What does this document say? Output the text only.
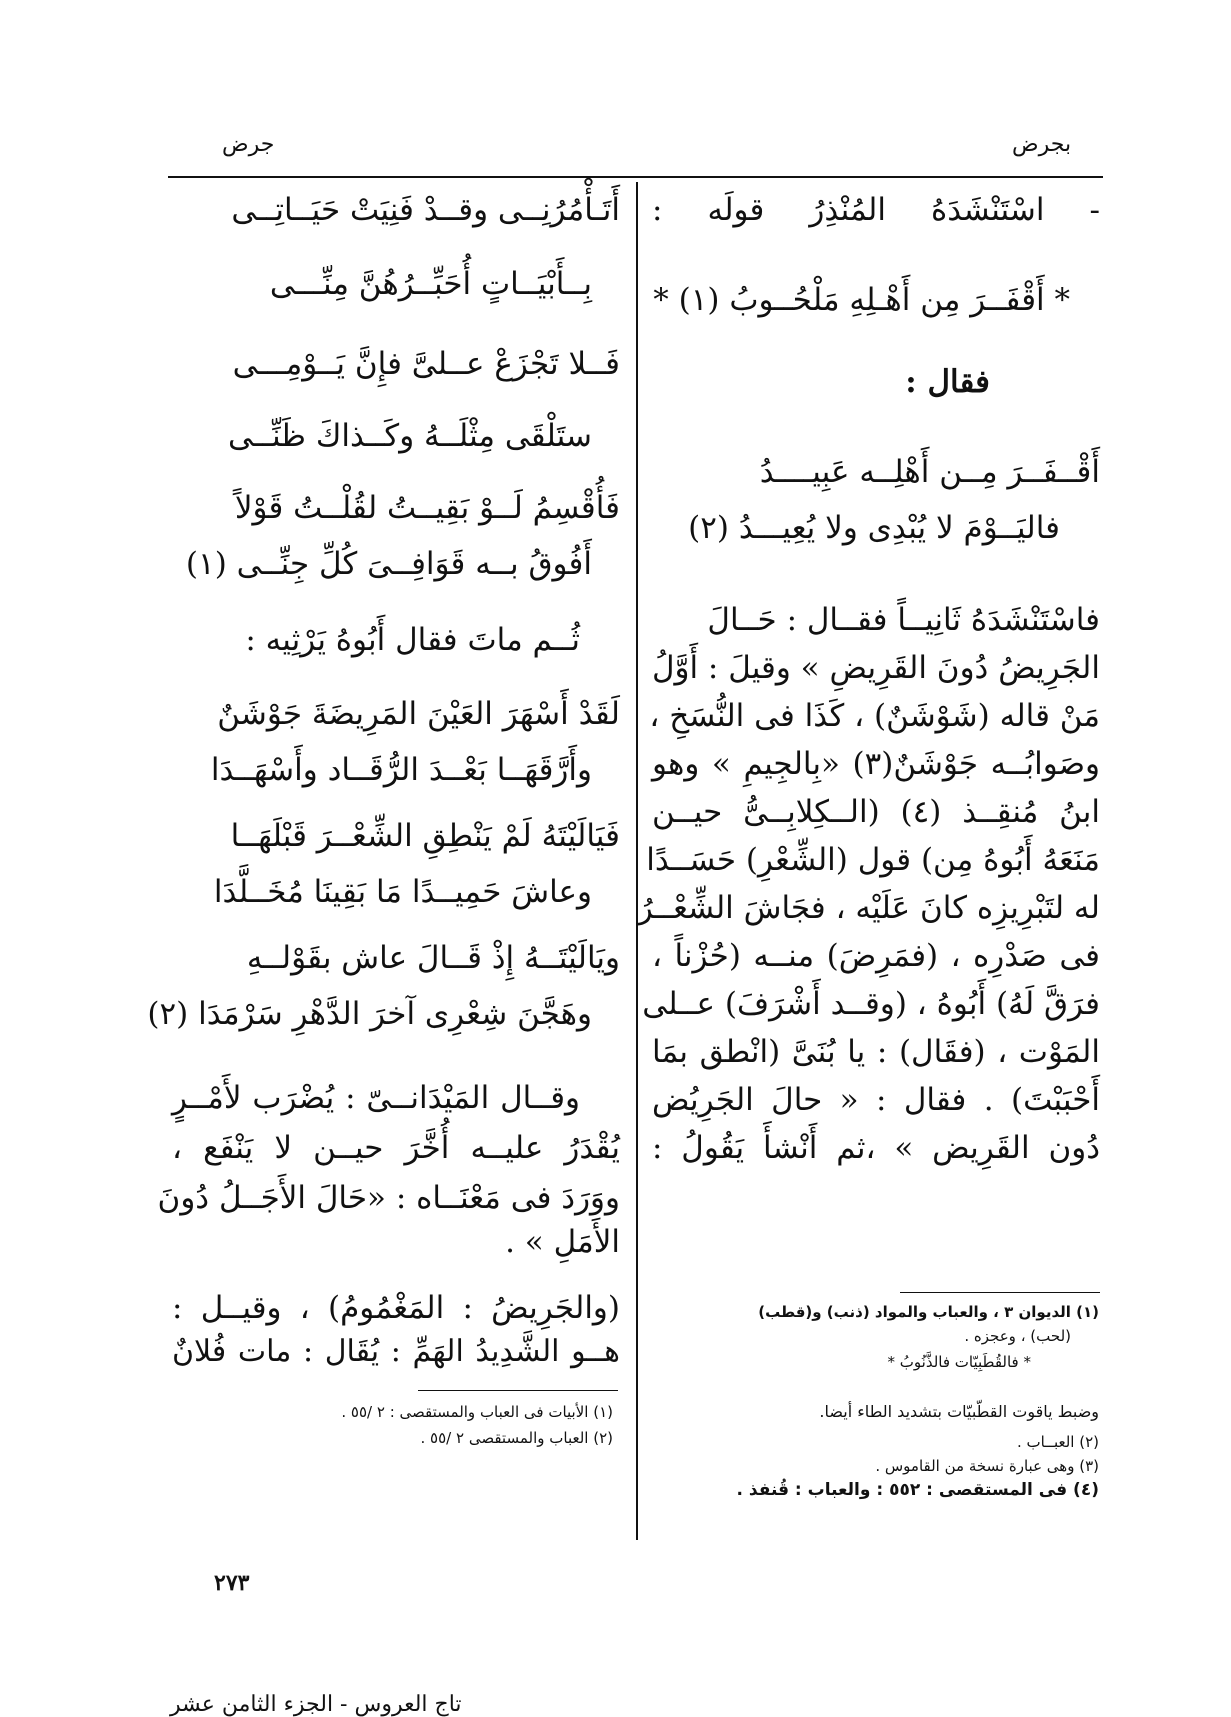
جرض	بجرض
- اسْتَنْشَدَهُ المُنْذِرُ قولَه :
* أَقْفَــرَ مِن أَهْـلِهِ مَلْحُــوبُ (١) *
فقال :
أَقْــفَــرَ مِــن أَهْلِــه عَبِيــــدُ
فاليَــوْمَ لا يُبْدِى ولا يُعِيـــدُ (٢)
فاسْتَنْشَدَهُ ثَانِيــاً فقــال : حَــالَ
الجَرِيضُ دُونَ القَرِيضِ » وقيلَ : أَوَّلُ
مَنْ قاله (شَوْشَنٌ) ، كَذَا فى النُّسَخِ ،
وصَوابُــه جَوْشَنٌ(٣) «بِالجِيمِ » وهو
ابنُ مُنقِــذ (٤) (الــكِلابِــىُّ حيــن
مَنَعَهُ أَبُوهُ مِن) قول (الشِّعْرِ) حَسَــدًا
له لتَبْرِيزِه كانَ عَلَيْه ، فجَاشَ الشِّعْــرُ
فى صَدْرِه ، (فمَرِضَ) منــه (حُزْناً ،
فرَقَّ لَهُ) أَبُوهُ ، (وقــد أَشْرَفَ) عــلى
المَوْت ، (فقَال) : يا بُنَىَّ (انْطق بمَا
أَحْبَبْتَ) . فقال : « حالَ الجَرِيُض
دُون القَرِيض » ،ثم أَنْشأَ يَقُولُ :
(١) الديوان ٣ ، والعباب والمواد (ذنب) و(قطب)
(لحب) ، وعجزه .
* فالقُطَبِيّات فالذَّنُوبُ *
وضبط ياقوت القطّبيّات بتشديد الطاء أيضا.
(٢) العبــاب .
(٣) وهى عبارة نسخة من القاموس .
(٤) فى المستقصى : ٥٥٢ : والعباب : قُنفذ .
أَتَـأْمُرُنِــى وقــدْ فَنِيَتْ حَيَــاتِــى
بِــأَبْيَــاتٍ أُحَبِّــرُهُنَّ مِنِّـــى
فَــلا تَجْزَعْ عــلىَّ فإِنَّ يَــوْمِـــى
ستَلْقَى مِثْلَــهُ وكَــذاكَ ظَنِّــى
فَأُقْسِمُ لَــوْ بَقِيــتُ لقُلْــتُ قَوْلاً
أَفُوقُ بــه قَوَافِــىَ كُلِّ جِنِّــى (١)
ثُــم ماتَ فقال أَبُوهُ يَرْثِيه :
لَقَدْ أَسْهَرَ العَيْنَ المَرِيضَةَ جَوْشَنٌ
وأَرَّقَهَــا بَعْــدَ الرُّقَــاد وأَسْهَــدَا
فَيَالَيْتَهُ لَمْ يَنْطِقِ الشِّعْــرَ قَبْلَهَــا
وعاشَ حَمِيــدًا مَا بَقِينَا مُخَــلَّدَا
ويَالَيْتَــهُ إِذْ قَــالَ عاش بقَوْلــهِ
وهَجَّنَ شِعْرِى آخرَ الدَّهْرِ سَرْمَدَا (٢)
وقــال المَيْدَانــىّ : يُضْرَب لأَمْــرٍ
يُقْدَرُ عليــه أُخَّرَ حيــن لا يَنْفَع ،
ووَرَدَ فى مَعْنَــاه : «حَالَ الأَجَــلُ دُونَ
الأَمَلِ » .
(والجَرِيضُ : المَغْمُومُ) ، وقيــل :
هــو الشَّدِيدُ الهَمِّ : يُقَال : مات فُلانٌ
(١) الأبيات فى العباب والمستقصى : ٢ /٥٥ .
(٢) العباب والمستقصى ٢ /٥٥ .
٢٧٣
تاج العروس - الجزء الثامن عشر
